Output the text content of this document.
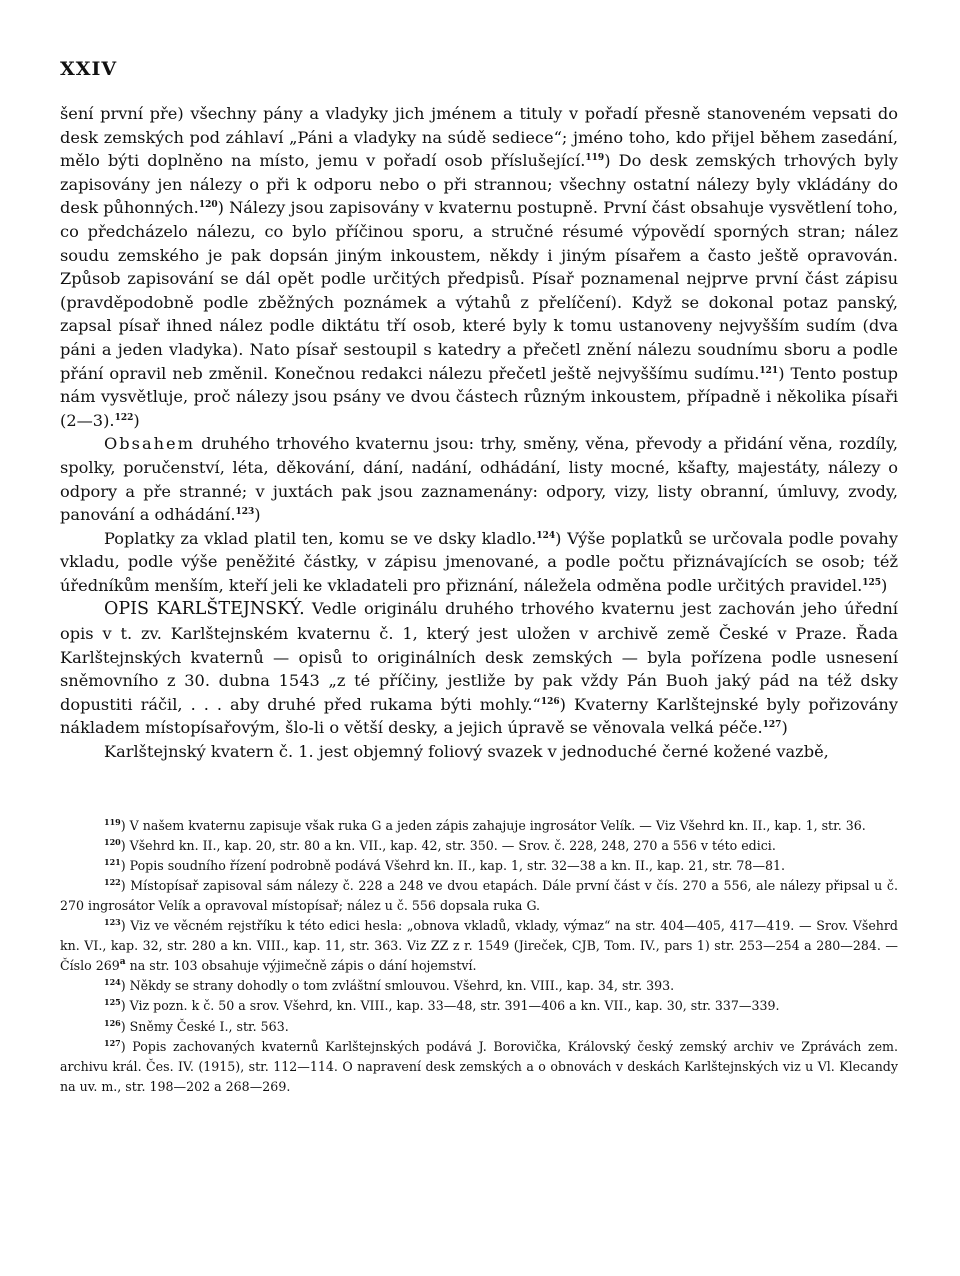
XXIV

šení první pře) všechny pány a vladyky jich jménem a tituly v pořadí přesně stanoveném vepsati do desk zemských pod záhlaví „Páni a vladyky na súdě sediece“; jméno toho, kdo přijel během zasedání, mělo býti doplněno na místo, jemu v pořadí osob příslušející.$^{119}$) Do desk zemských trhových byly zapisovány jen nálezy o při k odporu nebo o při strannou; všechny ostatní nálezy byly vkládány do desk půhonných.$^{120}$) Nálezy jsou zapisovány v kvaternu postupně. První část obsahuje vysvětlení toho, co předcházelo nálezu, co bylo příčinou sporu, a stručné résumé výpovědí sporných stran; nález soudu zemského je pak dopsán jiným inkoustem, někdy i jiným písařem a často ještě opravován. Způsob zapisování se dál opět podle určitých předpisů. Písař poznamenal nejprve první část zápisu (pravděpodobně podle zběžných poznámek a výtahů z přelíčení). Když se dokonal potaz panský, zapsal písař ihned nález podle diktátu tří osob, které byly k tomu ustanoveny nejvyšším sudím (dva páni a jeden vladyka). Nato písař sestoupil s katedry a přečetl znění nálezu soudnímu sboru a podle přání opravil neb změnil. Konečnou redakci nálezu přečetl ještě nejvyššímu sudímu.$^{121}$) Tento postup nám vysvětluje, proč nálezy jsou psány ve dvou částech různým inkoustem, případně i několika písaři (2—3).$^{122}$)

Obsahem druhého trhového kvaternu jsou: trhy, směny, věna, převody a přidání věna, rozdíly, spolky, poručenství, léta, děkování, dání, nadání, odhádání, listy mocné, kšafty, majestáty, nálezy o odpory a pře stranné; v juxtách pak jsou zaznamenány: odpory, vizy, listy obranní, úmluvy, zvody, panování a odhádání.$^{123}$)

Poplatky za vklad platil ten, komu se ve dsky kladlo.$^{124}$) Výše poplatků se určovala podle povahy vkladu, podle výše peněžité částky, v zápisu jmenované, a podle počtu přiznávajících se osob; též úředníkům menším, kteří jeli ke vkladateli pro přiznání, náležela odměna podle určitých pravidel.$^{125}$)

OPIS KARLŠTEJNSKÝ. Vedle originálu druhého trhového kvaternu jest zachován jeho úřední opis v t. zv. Karlštejnském kvaternu č. 1, který jest uložen v archivě země České v Praze. Řada Karlštejnských kvaternů — opisů to originálních desk zemských — byla pořízena podle usnesení sněmovního z 30. dubna 1543 „z té příčiny, jestliže by pak vždy Pán Buoh jaký pád na též dsky dopustiti ráčil, . . . aby druhé před rukama býti mohly.“$^{126}$) Kvaterny Karlštejnské byly pořizovány nákladem místopísařovým, šlo-li o větší desky, a jejich úpravě se věnovala velká péče.$^{127}$)

Karlštejnský kvatern č. 1. jest objemný foliový svazek v jednoduché černé kožené vazbě,

$^{119}$) V našem kvaternu zapisuje však ruka G a jeden zápis zahajuje ingrosátor Velík. — Viz Všehrd kn. II., kap. 1, str. 36.

$^{120}$) Všehrd kn. II., kap. 20, str. 80 a kn. VII., kap. 42, str. 350. — Srov. č. 228, 248, 270 a 556 v této edici.

$^{121}$) Popis soudního řízení podrobně podává Všehrd kn. II., kap. 1, str. 32—38 a kn. II., kap. 21, str. 78—81.

$^{122}$) Místopísař zapisoval sám nálezy č. 228 a 248 ve dvou etapách. Dále první část v čís. 270 a 556, ale nálezy připsal u č. 270 ingrosátor Velík a opravoval místopísař; nález u č. 556 dopsala ruka G.

$^{123}$) Viz ve věcném rejstříku k této edici hesla: „obnova vkladů, vklady, výmaz“ na str. 404—405, 417—419. — Srov. Všehrd kn. VI., kap. 32, str. 280 a kn. VIII., kap. 11, str. 363. Viz ZZ z r. 1549 (Jireček, CJB, Tom. IV., pars 1) str. 253—254 a 280—284. — Číslo 269$^a$ na str. 103 obsahuje výjimečně zápis o dání hojemství.

$^{124}$) Někdy se strany dohodly o tom zvláštní smlouvou. Všehrd, kn. VIII., kap. 34, str. 393.

$^{125}$) Viz pozn. k č. 50 a srov. Všehrd, kn. VIII., kap. 33—48, str. 391—406 a kn. VII., kap. 30, str. 337—339.

$^{126}$) Sněmy České I., str. 563.

$^{127}$) Popis zachovaných kvaternů Karlštejnských podává J. Borovička, Královský český zemský archiv ve Zprávách zem. archivu král. Čes. IV. (1915), str. 112—114. O napravení desk zemských a o obnovách v deskách Karlštejnských viz u Vl. Klecandy na uv. m., str. 198—202 a 268—269.
